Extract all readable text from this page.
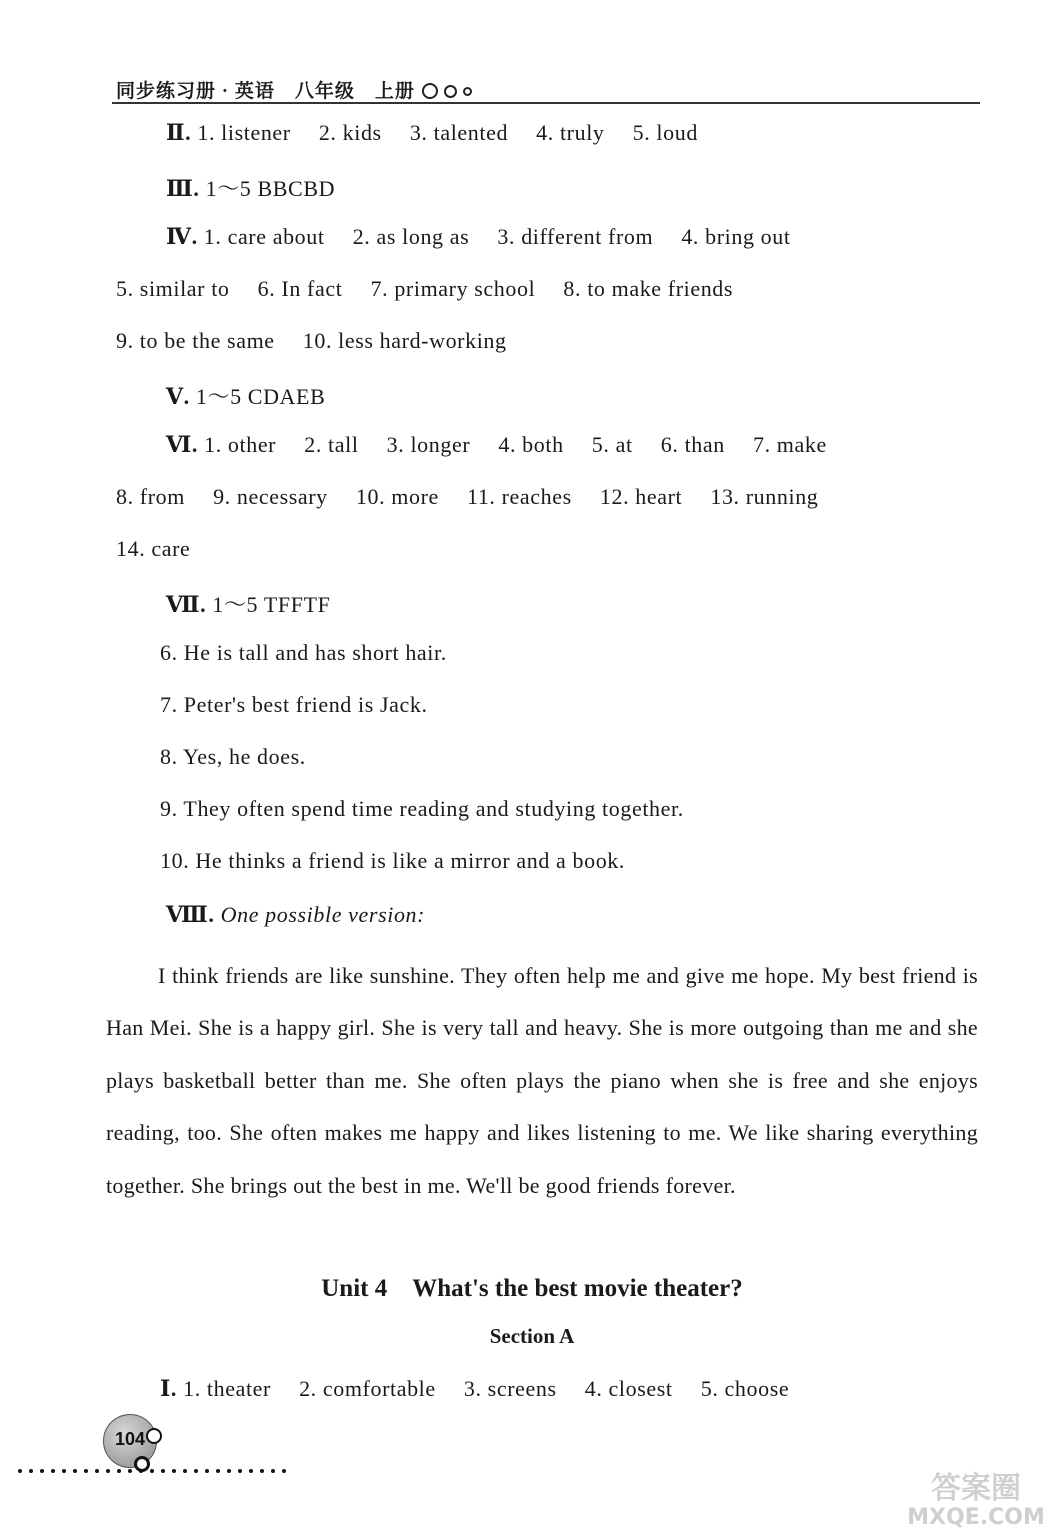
同步练习册 · 英语　八年级　上册
Ⅱ. 1. listener 2. kids 3. talented 4. truly 5. loud
Ⅲ. 1～5 BBCBD
Ⅳ. 1. care about 2. as long as 3. different from 4. bring out
5. similar to 6. In fact 7. primary school 8. to make friends
9. to be the same 10. less hard-working
Ⅴ. 1～5 CDAEB
Ⅵ. 1. other 2. tall 3. longer 4. both 5. at 6. than 7. make
8. from 9. necessary 10. more 11. reaches 12. heart 13. running
14. care
Ⅶ. 1～5 TFFTF
6. He is tall and has short hair.
7. Peter's best friend is Jack.
8. Yes, he does.
9. They often spend time reading and studying together.
10. He thinks a friend is like a mirror and a book.
Ⅷ. One possible version:

I think friends are like sunshine. They often help me and give me hope. My best friend is Han Mei. She is a happy girl. She is very tall and heavy. She is more outgoing than me and she plays basketball better than me. She often plays the piano when she is free and she enjoys reading, too. She often makes me happy and likes listening to me. We like sharing everything together. She brings out the best in me. We'll be good friends forever.

Unit 4　What's the best movie theater?
Section A
Ⅰ. 1. theater 2. comfortable 3. screens 4. closest 5. choose
104
答案圈
MXQE.COM
